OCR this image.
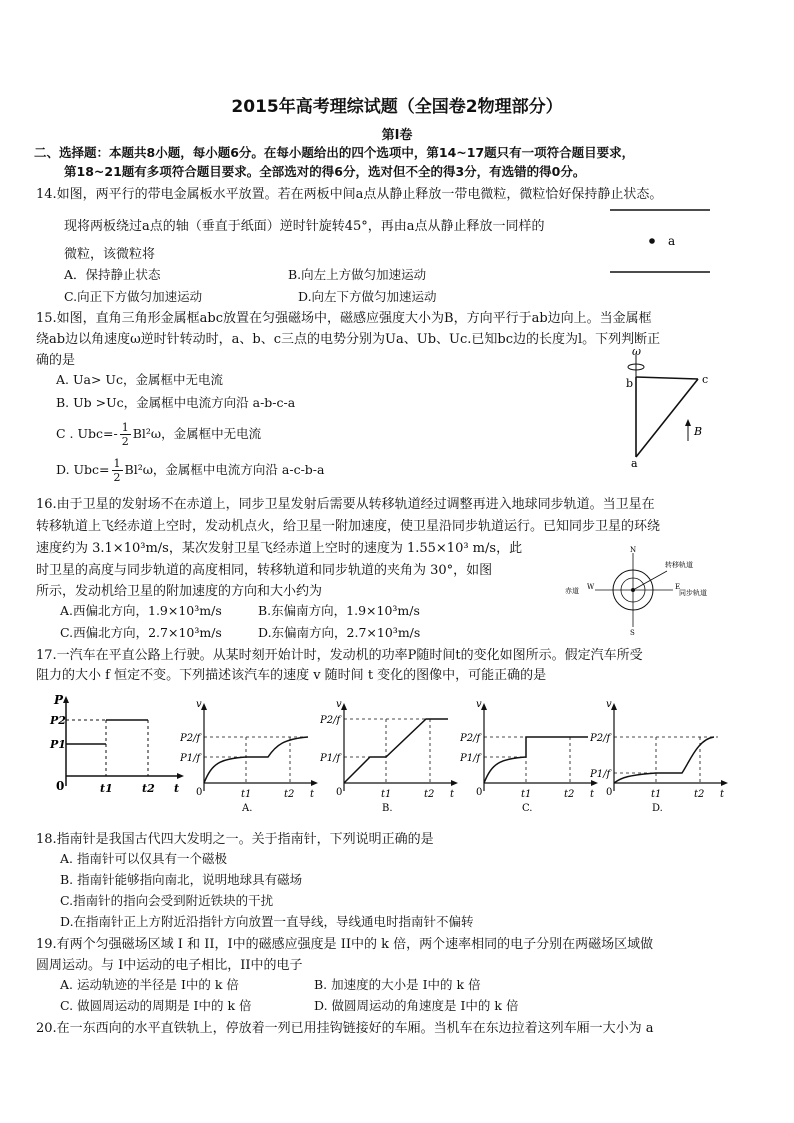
2015年高考理综试题（全国卷2物理部分）
第Ⅰ卷
二、选择题：本题共8小题，每小题6分。在每小题给出的四个选项中，第14~17题只有一项符合题目要求，
第18~21题有多项符合题目要求。全部选对的得6分，选对但不全的得3分，有选错的得0分。
14.如图，两平行的带电金属板水平放置。若在两板中间a点从静止释放一带电微粒，微粒恰好保持静止状态。
现将两板绕过a点的轴（垂直于纸面）逆时针旋转45°，再由a点从静止释放一同样的
微粒，该微粒将
A．保持静止状态	B.向左上方做匀加速运动
C.向正下方做匀加速运动	D.向左下方做匀加速运动
a
15.如图，直角三角形金属框abc放置在匀强磁场中，磁感应强度大小为B，方向平行于ab边向上。当金属框
绕ab边以角速度ω逆时针转动时，a、b、c三点的电势分别为Ua、Ub、Uc.已知bc边的长度为l。下列判断正
确的是
A. Ua> Uc，金属框中无电流
B. Ub >Uc，金属框中电流方向沿 a-b-c-a
C . $Ubc=- \frac{1}{2} Bl^2\omega$，金属框中无电流
D. $Ubc= \frac{1}{2} Bl^2\omega$，金属框中电流方向沿 a-c-b-a
ω
b	c
a
B
16.由于卫星的发射场不在赤道上，同步卫星发射后需要从转移轨道经过调整再进入地球同步轨道。当卫星在
转移轨道上飞经赤道上空时，发动机点火，给卫星一附加速度，使卫星沿同步轨道运行。已知同步卫星的环绕
速度约为 3.1×10³m/s，某次发射卫星飞经赤道上空时的速度为 1.55×10³ m/s，此
时卫星的高度与同步轨道的高度相同，转移轨道和同步轨道的夹角为 30°，如图
所示，发动机给卫星的附加速度的方向和大小约为
A.西偏北方向，1.9×10³m/s	B.东偏南方向，1.9×10³m/s
C.西偏北方向，2.7×10³m/s	D.东偏南方向，2.7×10³m/s
N
S
W	E
转移轨道
赤道	同步轨道
17.一汽车在平直公路上行驶。从某时刻开始计时，发动机的功率P随时间t的变化如图所示。假定汽车所受
阻力的大小 f 恒定不变。下列描述该汽车的速度 v 随时间 t 变化的图像中，可能正确的是
P
P2
P1
0	t1	t2 t
v
P2/f
P1/f
0	t1	t2 t
A.
v
P2/f
P1/f
0	t1	t2 t
B.
v
P2/f
P1/f
0	t1	t2 t
C.
v
P2/f
P1/f
0	t1	t2 t
D.
18.指南针是我国古代四大发明之一。关于指南针，下列说明正确的是
A. 指南针可以仅具有一个磁极
B. 指南针能够指向南北，说明地球具有磁场
C.指南针的指向会受到附近铁块的干扰
D.在指南针正上方附近沿指针方向放置一直导线，导线通电时指南针不偏转
19.有两个匀强磁场区域 I 和 II，I中的磁感应强度是 II中的 k 倍，两个速率相同的电子分别在两磁场区域做
圆周运动。与 I中运动的电子相比，II中的电子
A. 运动轨迹的半径是 I中的 k 倍	B. 加速度的大小是 I中的 k 倍
C. 做圆周运动的周期是 I中的 k 倍	D. 做圆周运动的角速度是 I中的 k 倍
20.在一东西向的水平直铁轨上，停放着一列已用挂钩链接好的车厢。当机车在东边拉着这列车厢一大小为 a
